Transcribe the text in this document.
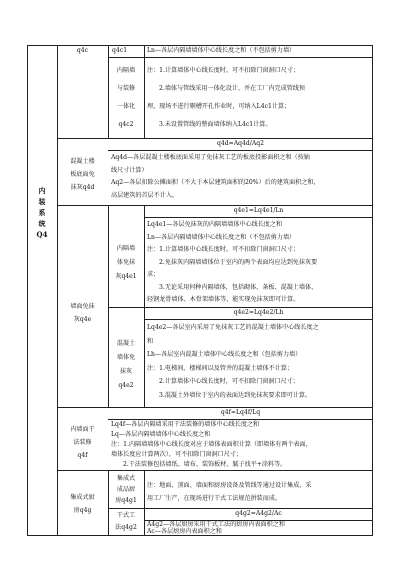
内装系统Q4
q4c	q4c1	Ln—各层内隔墙墙体中心线长度之和（不包括剪力墙）
内隔墙
与装修
一体化
q4c2
注：1.计算墙体中心线长度时，可不扣除门窗洞口尺寸；
2.墙体与管线采用一体化设计，并在工厂内完成管线预
埋，现场不进行剔槽开孔作业时，可纳入L4c1计算；
3.未设置管线的整面墙体纳入L4c1计算。
混凝土楼
板底面免
抹灰q4d
q4d=Aq4d/Aq2
Aq4d—各层混凝土楼板底面采用了免抹灰工艺的板底投影面积之和（按轴
线尺寸计算）
Aq2—各层扣除公摊面积（不大于本层建筑面积的20%）后的建筑面积之和，
高层建筑的首层不计入。
墙面免抹
灰q4e
内隔墙
体免抹
灰q4e1
q4e1=Lq4e1/Ln
Lq4e1—各层免抹灰的内隔墙墙体中心线长度之和
Ln—各层内隔墙墙体中心线长度之和（不包括剪力墙）
注：1.计算墙体中心线长度时，可不扣除门窗洞口尺寸；
2.免抹灰内隔墙墙体位于室内的两个表面均应达到免抹灰要
求；
3.无论采用何种内隔墙体，包括砌体、条板、混凝土墙体、
轻钢龙骨墙体、木骨架墙体等，能实现免抹灰即可计算。
混凝土
墙体免
抹灰
q4e2
q4e2=Lq4e2/Lh
Lq4e2—各层室内采用了免抹灰工艺的混凝土墙体中心线长度之
和
Lh—各层室内混凝土墙体中心线长度之和（包括剪力墙）
注：1.电梯间、楼梯间以及管井的混凝土墙体不计算；
2.计算墙体中心线长度时，可不扣除门窗洞口尺寸；
3.混凝土外墙位于室内的表面达到免抹灰要求即可计算。
内墙面干
法装修
q4f
q4f=Lq4f/Lq
Lq4f—各层内隔墙采用干法装修的墙体中心线长度之和
Lq—各层内隔墙墙体中心线长度之和
注：1.内隔墙墙体中心线长度对应于墙体表面积计算（即墙体有两个表面，
墙体长度应计算两次），可不扣除门窗洞口尺寸；
2.干法装修包括墙纸、墙布、装饰板材、腻子找平+涂料等。
集成式厨
房q4g
集成式
成品厨
房q4g1
注：地面、顶面、墙面和厨房设备及管线等通过设计集成、采
用工厂生产，在现场进行干式工法规范拼装而成。
干式工
法q4g2
q4g2=A4g2/Ac
A4g2—各层厨房采用干式工法的厨房内表面积之和
Ac—各层厨房内表面积之和
